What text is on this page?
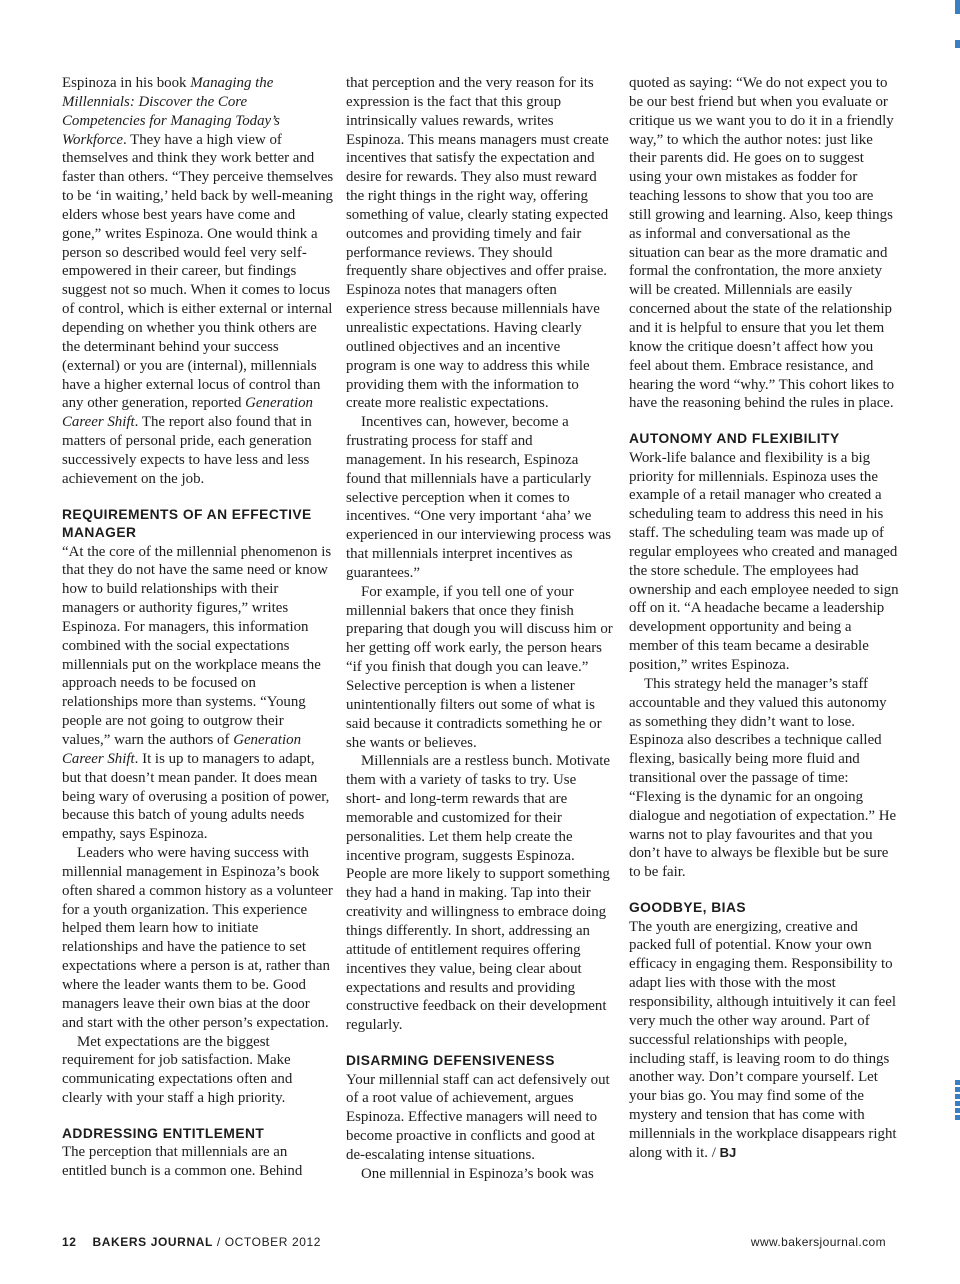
Espinoza in his book Managing the Millennials: Discover the Core Competencies for Managing Today’s Workforce. They have a high view of themselves and think they work better and faster than others. “They perceive themselves to be ‘in waiting,’ held back by well-meaning elders whose best years have come and gone,” writes Espinoza. One would think a person so described would feel very self-empowered in their career, but findings suggest not so much. When it comes to locus of control, which is either external or internal depending on whether you think others are the determinant behind your success (external) or you are (internal), millennials have a higher external locus of control than any other generation, reported Generation Career Shift. The report also found that in matters of personal pride, each generation successively expects to have less and less achievement on the job.

REQUIREMENTS OF AN EFFECTIVE MANAGER

“At the core of the millennial phenomenon is that they do not have the same need or know how to build relationships with their managers or authority figures,” writes Espinoza. For managers, this information combined with the social expectations millennials put on the workplace means the approach needs to be focused on relationships more than systems. “Young people are not going to outgrow their values,” warn the authors of Generation Career Shift. It is up to managers to adapt, but that doesn’t mean pander. It does mean being wary of overusing a position of power, because this batch of young adults needs empathy, says Espinoza.

Leaders who were having success with millennial management in Espinoza’s book often shared a common history as a volunteer for a youth organization. This experience helped them learn how to initiate relationships and have the patience to set expectations where a person is at, rather than where the leader wants them to be. Good managers leave their own bias at the door and start with the other person’s expectation.

Met expectations are the biggest requirement for job satisfaction. Make communicating expectations often and clearly with your staff a high priority.

ADDRESSING ENTITLEMENT

The perception that millennials are an entitled bunch is a common one. Behind

that perception and the very reason for its expression is the fact that this group intrinsically values rewards, writes Espinoza. This means managers must create incentives that satisfy the expectation and desire for rewards. They also must reward the right things in the right way, offering something of value, clearly stating expected outcomes and providing timely and fair performance reviews. They should frequently share objectives and offer praise. Espinoza notes that managers often experience stress because millennials have unrealistic expectations. Having clearly outlined objectives and an incentive program is one way to address this while providing them with the information to create more realistic expectations.

Incentives can, however, become a frustrating process for staff and management. In his research, Espinoza found that millennials have a particularly selective perception when it comes to incentives. “One very important ‘aha’ we experienced in our interviewing process was that millennials interpret incentives as guarantees.”

For example, if you tell one of your millennial bakers that once they finish preparing that dough you will discuss him or her getting off work early, the person hears “if you finish that dough you can leave.” Selective perception is when a listener unintentionally filters out some of what is said because it contradicts something he or she wants or believes.

Millennials are a restless bunch. Motivate them with a variety of tasks to try. Use short- and long-term rewards that are memorable and customized for their personalities. Let them help create the incentive program, suggests Espinoza. People are more likely to support something they had a hand in making. Tap into their creativity and willingness to embrace doing things differently. In short, addressing an attitude of entitlement requires offering incentives they value, being clear about expectations and results and providing constructive feedback on their development regularly.

DISARMING DEFENSIVENESS

Your millennial staff can act defensively out of a root value of achievement, argues Espinoza. Effective managers will need to become proactive in conflicts and good at de-escalating intense situations.

One millennial in Espinoza’s book was

quoted as saying: “We do not expect you to be our best friend but when you evaluate or critique us we want you to do it in a friendly way,” to which the author notes: just like their parents did. He goes on to suggest using your own mistakes as fodder for teaching lessons to show that you too are still growing and learning. Also, keep things as informal and conversational as the situation can bear as the more dramatic and formal the confrontation, the more anxiety will be created. Millennials are easily concerned about the state of the relationship and it is helpful to ensure that you let them know the critique doesn’t affect how you feel about them. Embrace resistance, and hearing the word “why.” This cohort likes to have the reasoning behind the rules in place.

AUTONOMY AND FLEXIBILITY

Work-life balance and flexibility is a big priority for millennials. Espinoza uses the example of a retail manager who created a scheduling team to address this need in his staff. The scheduling team was made up of regular employees who created and managed the store schedule. The employees had ownership and each employee needed to sign off on it. “A headache became a leadership development opportunity and being a member of this team became a desirable position,” writes Espinoza.

This strategy held the manager’s staff accountable and they valued this autonomy as something they didn’t want to lose. Espinoza also describes a technique called flexing, basically being more fluid and transitional over the passage of time: “Flexing is the dynamic for an ongoing dialogue and negotiation of expectation.” He warns not to play favourites and that you don’t have to always be flexible but be sure to be fair.

GOODBYE, BIAS

The youth are energizing, creative and packed full of potential. Know your own efficacy in engaging them. Responsibility to adapt lies with those with the most responsibility, although intuitively it can feel very much the other way around. Part of successful relationships with people, including staff, is leaving room to do things another way. Don’t compare yourself. Let your bias go. You may find some of the mystery and tension that has come with millennials in the workplace disappears right along with it. / BJ

12 BAKERS JOURNAL / OCTOBER 2012	www.bakersjournal.com
